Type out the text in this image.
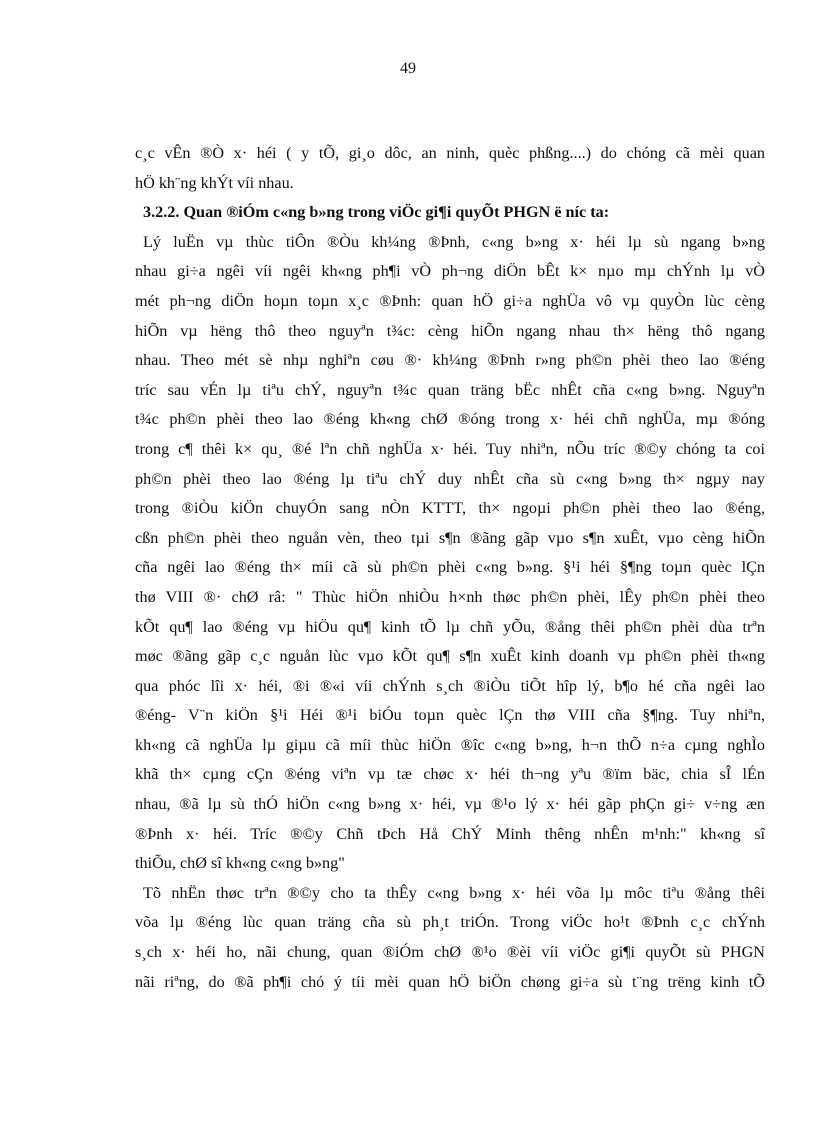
49
c¸c vÊn ®Ò x· héi ( y tÕ, gi¸o dôc, an ninh, quèc phßng....) do chóng cã mèi quan
hÖ kh¨ng khÝt víi nhau.
3.2.2. Quan ®iÓm c«ng b»ng trong viÖc gi¶i quyÕt PHGN ë níc ta:
Lý luËn vµ thùc tiÔn ®Òu kh¼ng ®Þnh, c«ng b»ng x· héi lµ sù ngang b»ng
nhau gi÷a ngêi víi ngêi kh«ng ph¶i vÒ ph¬ng diÖn bÊt k× nµo mµ chÝnh lµ vÒ
mét ph¬ng diÖn hoµn toµn x¸c ®Þnh: quan hÖ gi÷a nghÜa vô vµ quyÒn lùc cèng
hiÕn vµ hëng thô theo nguyªn t¾c: cèng hiÕn ngang nhau th× hëng thô ngang
nhau. Theo mét sè nhµ nghiªn cøu ®· kh¼ng ®Þnh r»ng ph©n phèi theo lao ®éng
tríc sau vÉn lµ tiªu chÝ, nguyªn t¾c quan träng bËc nhÊt cña c«ng b»ng. Nguyªn
t¾c ph©n phèi theo lao ®éng kh«ng chØ ®óng trong x· héi chñ nghÜa, mµ ®óng
trong c¶ thêi k× qu¸ ®é lªn chñ nghÜa x· héi. Tuy nhiªn, nÕu tríc ®©y chóng ta coi
ph©n phèi theo lao ®éng lµ tiªu chÝ duy nhÊt cña sù c«ng b»ng th× ngµy nay
trong ®iÒu kiÖn chuyÓn sang nÒn KTTT, th× ngoµi ph©n phèi theo lao ®éng,
cßn ph©n phèi theo nguån vèn, theo tµi s¶n ®ãng gãp vµo s¶n xuÊt, vµo cèng hiÕn
cña ngêi lao ®éng th× míi cã sù ph©n phèi c«ng b»ng. §¹i héi §¶ng toµn quèc lÇn
thø VIII ®· chØ râ: " Thùc hiÖn nhiÒu h×nh thøc ph©n phèi, lÊy ph©n phèi theo
kÕt qu¶ lao ®éng vµ hiÖu qu¶ kinh tÕ lµ chñ yÕu, ®ång thêi ph©n phèi dùa trªn
møc ®ãng gãp c¸c nguån lùc vµo kÕt qu¶ s¶n xuÊt kinh doanh vµ ph©n phèi th«ng
qua phóc lîi x· héi, ®i ®«i víi chÝnh s¸ch ®iÒu tiÕt hîp lý, b¶o hé cña ngêi lao
®éng- V¨n kiÖn §¹i Héi ®¹i biÓu toµn quèc lÇn thø VIII cña §¶ng. Tuy nhiªn,
kh«ng cã nghÜa lµ giµu cã míi thùc hiÖn ®îc c«ng b»ng, h¬n thÕ n÷a cµng nghÌo
khã th× cµng cÇn ®éng viªn vµ tæ chøc x· héi th¬ng yªu ®ïm bäc, chia sÎ lÉn
nhau, ®ã lµ sù thÓ hiÖn c«ng b»ng x· héi, vµ ®¹o lý x· héi gãp phÇn gi÷ v÷ng æn
®Þnh x· héi. Tríc ®©y Chñ tÞch Hå ChÝ Minh thêng nhÊn m¹nh:" kh«ng sî
thiÕu, chØ sî kh«ng c«ng b»ng"
Tõ nhËn thøc trªn ®©y cho ta thÊy c«ng b»ng x· héi võa lµ môc tiªu ®ång thêi
võa lµ ®éng lùc quan träng cña sù ph¸t triÓn. Trong viÖc ho¹t ®Þnh c¸c chÝnh
s¸ch x· héi ho, nãi chung, quan ®iÓm chØ ®¹o ®èi víi viÖc gi¶i quyÕt sù PHGN
nãi riªng, do ®ã ph¶i chó ý tíi mèi quan hÖ biÖn chøng gi÷a sù t¨ng trëng kinh tÕ
